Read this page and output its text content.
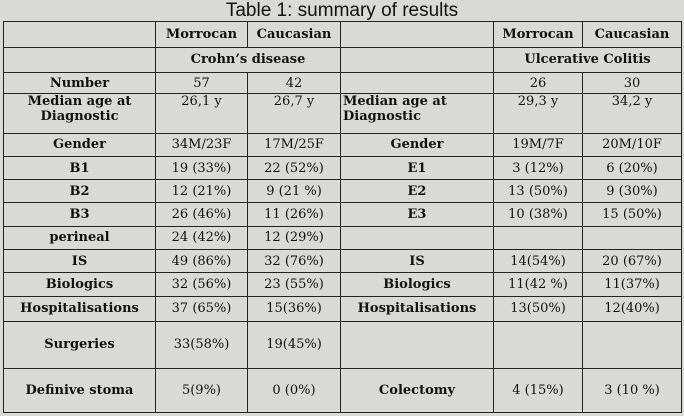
Table 1: summary of results
	Morrocan	Caucasian		Morrocan	Caucasian
	Crohn’s disease			Ulcerative Colitis	
Number	57	42		26	30
Median age at Diagnostic	26,1 y	26,7 y	Median age at Diagnostic	29,3 y	34,2 y
Gender	34M/23F	17M/25F	Gender	19M/7F	20M/10F
B1	19 (33%)	22 (52%)	E1	3 (12%)	6 (20%)
B2	12 (21%)	9 (21 %)	E2	13 (50%)	9 (30%)
B3	26 (46%)	11 (26%)	E3	10 (38%)	15 (50%)
perineal	24 (42%)	12 (29%)			
IS	49 (86%)	32 (76%)	IS	14(54%)	20 (67%)
Biologics	32 (56%)	23 (55%)	Biologics	11(42 %)	11(37%)
Hospitalisations	37 (65%)	15(36%)	Hospitalisations	13(50%)	12(40%)
Surgeries	33(58%)	19(45%)			
Definive stoma	5(9%)	0 (0%)	Colectomy	4 (15%)	3 (10 %)
